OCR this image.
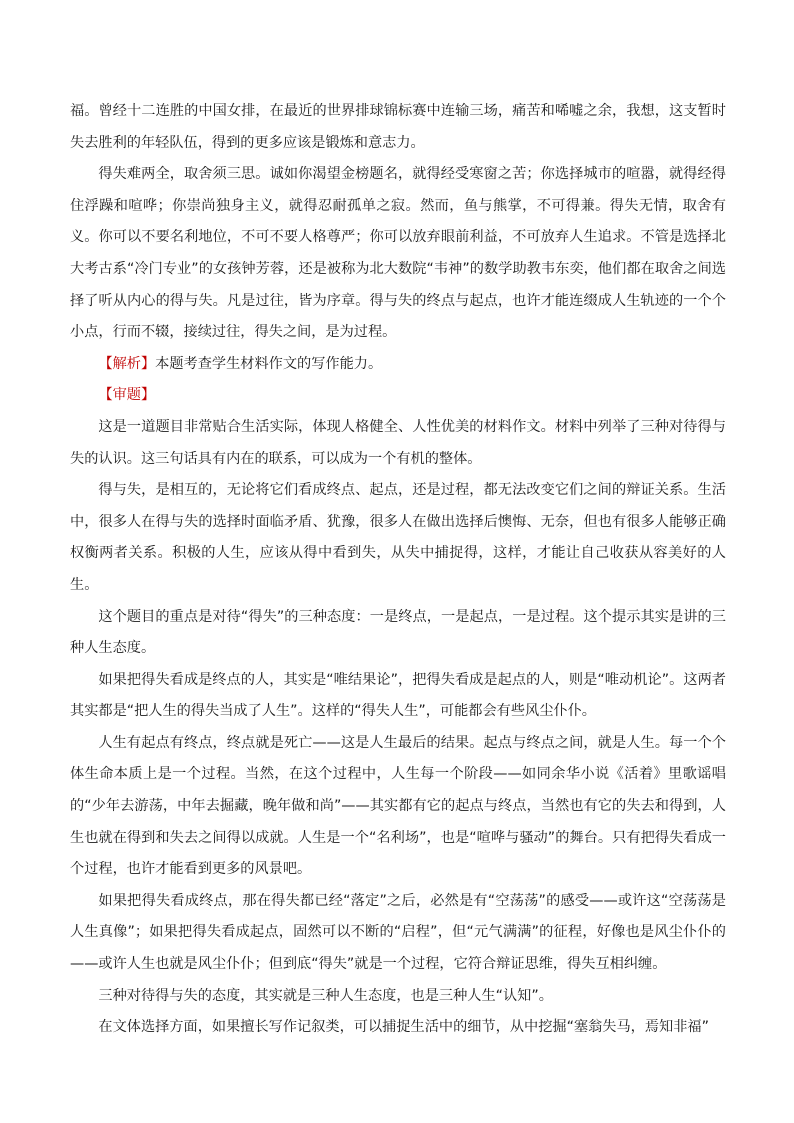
福。曾经十二连胜的中国女排，在最近的世界排球锦标赛中连输三场，痛苦和唏嘘之余，我想，这支暂时失去胜利的年轻队伍，得到的更多应该是锻炼和意志力。

得失难两全，取舍须三思。诚如你渴望金榜题名，就得经受寒窗之苦；你选择城市的喧嚣，就得经得住浮躁和喧哗；你崇尚独身主义，就得忍耐孤单之寂。然而，鱼与熊掌，不可得兼。得失无情，取舍有义。你可以不要名利地位，不可不要人格尊严；你可以放弃眼前利益，不可放弃人生追求。不管是选择北大考古系“冷门专业”的女孩钟芳蓉，还是被称为北大数院“韦神”的数学助教韦东奕，他们都在取舍之间选择了听从内心的得与失。凡是过往，皆为序章。得与失的终点与起点，也许才能连缀成人生轨迹的一个个小点，行而不辍，接续过往，得失之间，是为过程。

【解析】本题考查学生材料作文的写作能力。

【审题】

这是一道题目非常贴合生活实际，体现人格健全、人性优美的材料作文。材料中列举了三种对待得与失的认识。这三句话具有内在的联系，可以成为一个有机的整体。

得与失，是相互的，无论将它们看成终点、起点，还是过程，都无法改变它们之间的辩证关系。生活中，很多人在得与失的选择时面临矛盾、犹豫，很多人在做出选择后懊悔、无奈，但也有很多人能够正确权衡两者关系。积极的人生，应该从得中看到失，从失中捕捉得，这样，才能让自己收获从容美好的人生。

这个题目的重点是对待“得失”的三种态度：一是终点，一是起点，一是过程。这个提示其实是讲的三种人生态度。

如果把得失看成是终点的人，其实是“唯结果论”，把得失看成是起点的人，则是“唯动机论”。这两者其实都是“把人生的得失当成了人生”。这样的“得失人生”，可能都会有些风尘仆仆。

人生有起点有终点，终点就是死亡——这是人生最后的结果。起点与终点之间，就是人生。每一个个体生命本质上是一个过程。当然，在这个过程中，人生每一个阶段——如同余华小说《活着》里歌谣唱的“少年去游荡，中年去掘藏，晚年做和尚”——其实都有它的起点与终点，当然也有它的失去和得到，人生也就在得到和失去之间得以成就。人生是一个“名利场”，也是“喧哗与骚动”的舞台。只有把得失看成一个过程，也许才能看到更多的风景吧。

如果把得失看成终点，那在得失都已经“落定”之后，必然是有“空荡荡”的感受——或许这“空荡荡是人生真像”；如果把得失看成起点，固然可以不断的“启程”，但“元气满满”的征程，好像也是风尘仆仆的——或许人生也就是风尘仆仆；但到底“得失”就是一个过程，它符合辩证思维，得失互相纠缠。

三种对待得与失的态度，其实就是三种人生态度，也是三种人生“认知”。

在文体选择方面，如果擅长写作记叙类，可以捕捉生活中的细节，从中挖掘“塞翁失马，焉知非福”
